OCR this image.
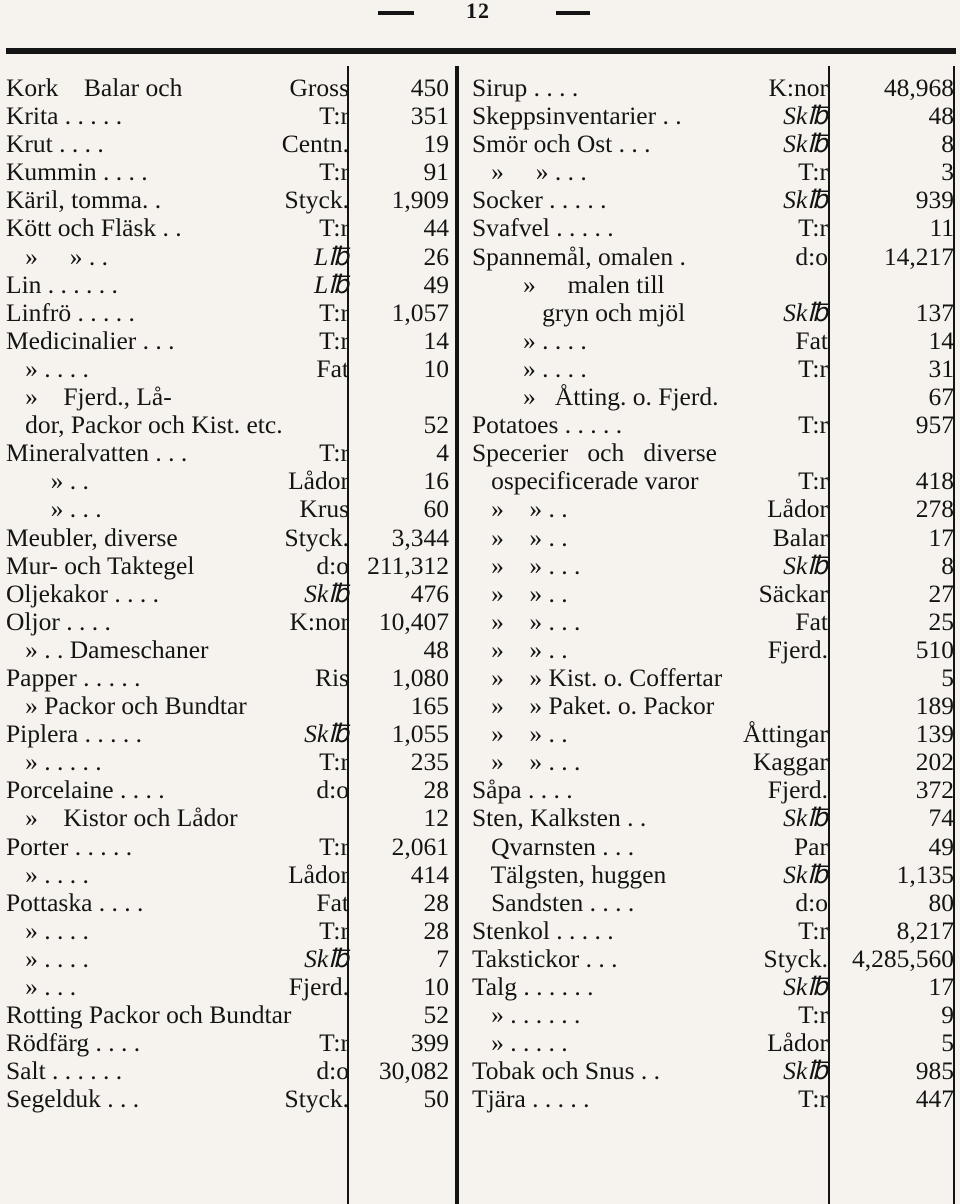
12
Kork    Balar och	Gross 450
Krita . . . . .	T:r 351
Krut . . . .	Centn.	19
Kummin . . . .	T:r	91
Käril, tomma. .	Styck. 1,909
Kött och Fläsk . .	T:r	44
»     » . .	L℔	26
Lin . . . . . .	L℔	49
Linfrö . . . . .	T:r 1,057
Medicinalier . . .	T:r	14
» . . . .	Fat	10
»    Fjerd., Lå-
dor, Packor och Kist. etc.	52
Mineralvatten . . .	T:r	4
» . .	Lådor	16
» . . .	Krus	60
Meubler, diverse	Styck. 3,344
Mur- och Taktegel	d:o 211,312
Oljekakor . . . .	Sk℔ 476
Oljor . . . .	K:nor 10,407
» . . Dameschaner	48
Papper . . . . .	Ris 1,080
» Packor och Bundtar	165
Piplera . . . . .	Sk℔ 1,055
» . . . . .	T:r 235
Porcelaine . . . .	d:o	28
»    Kistor och Lådor	12
Porter . . . . .	T:r 2,061
» . . . .	Lådor 414
Pottaska . . . .	Fat	28
» . . . .	T:r	28
» . . . .	Sk℔	7
» . . .	Fjerd.	10
Rotting Packor och Bundtar	52
Rödfärg . . . .	T:r 399
Salt . . . . . .	d:o 30,082
Segelduk . . .	Styck.	50
Sirup . . . .	K:nor 48,968
Skeppsinventarier . .	Sk℔	48
Smör och Ost . . .	Sk℔	8
»     » . . .	T:r	3
Socker . . . . .	Sk℔	939
Svafvel . . . . .	T:r	11
Spannemål, omalen .	d:o 14,217
»     malen till
gryn och mjöl	Sk℔	137
» . . . .	Fat	14
» . . . .	T:r	31
»   Åtting. o. Fjerd.	67
Potatoes . . . . .	T:r	957
Specerier   och   diverse
ospecificerade varor	T:r	418
»    » . .	Lådor	278
»    » . .	Balar	17
»    » . . .	Sk℔	8
»    » . .	Säckar	27
»    » . . .	Fat	25
»    » . .	Fjerd.	510
»    » Kist. o. Coffertar	5
»    » Paket. o. Packor	189
»    » . .	Åttingar	139
»    » . . .	Kaggar	202
Såpa . . . .	Fjerd.	372
Sten, Kalksten . .	Sk℔	74
Qvarnsten . . .	Par	49
Tälgsten, huggen	Sk℔	1,135
Sandsten . . . .	d:o	80
Stenkol . . . . .	T:r	8,217
Takstickor . . .	Styck. 4,285,560
Talg . . . . . .	Sk℔	17
» . . . . . .	T:r	9
» . . . . .	Lådor	5
Tobak och Snus . .	Sk℔	985
Tjära . . . . .	T:r	447
